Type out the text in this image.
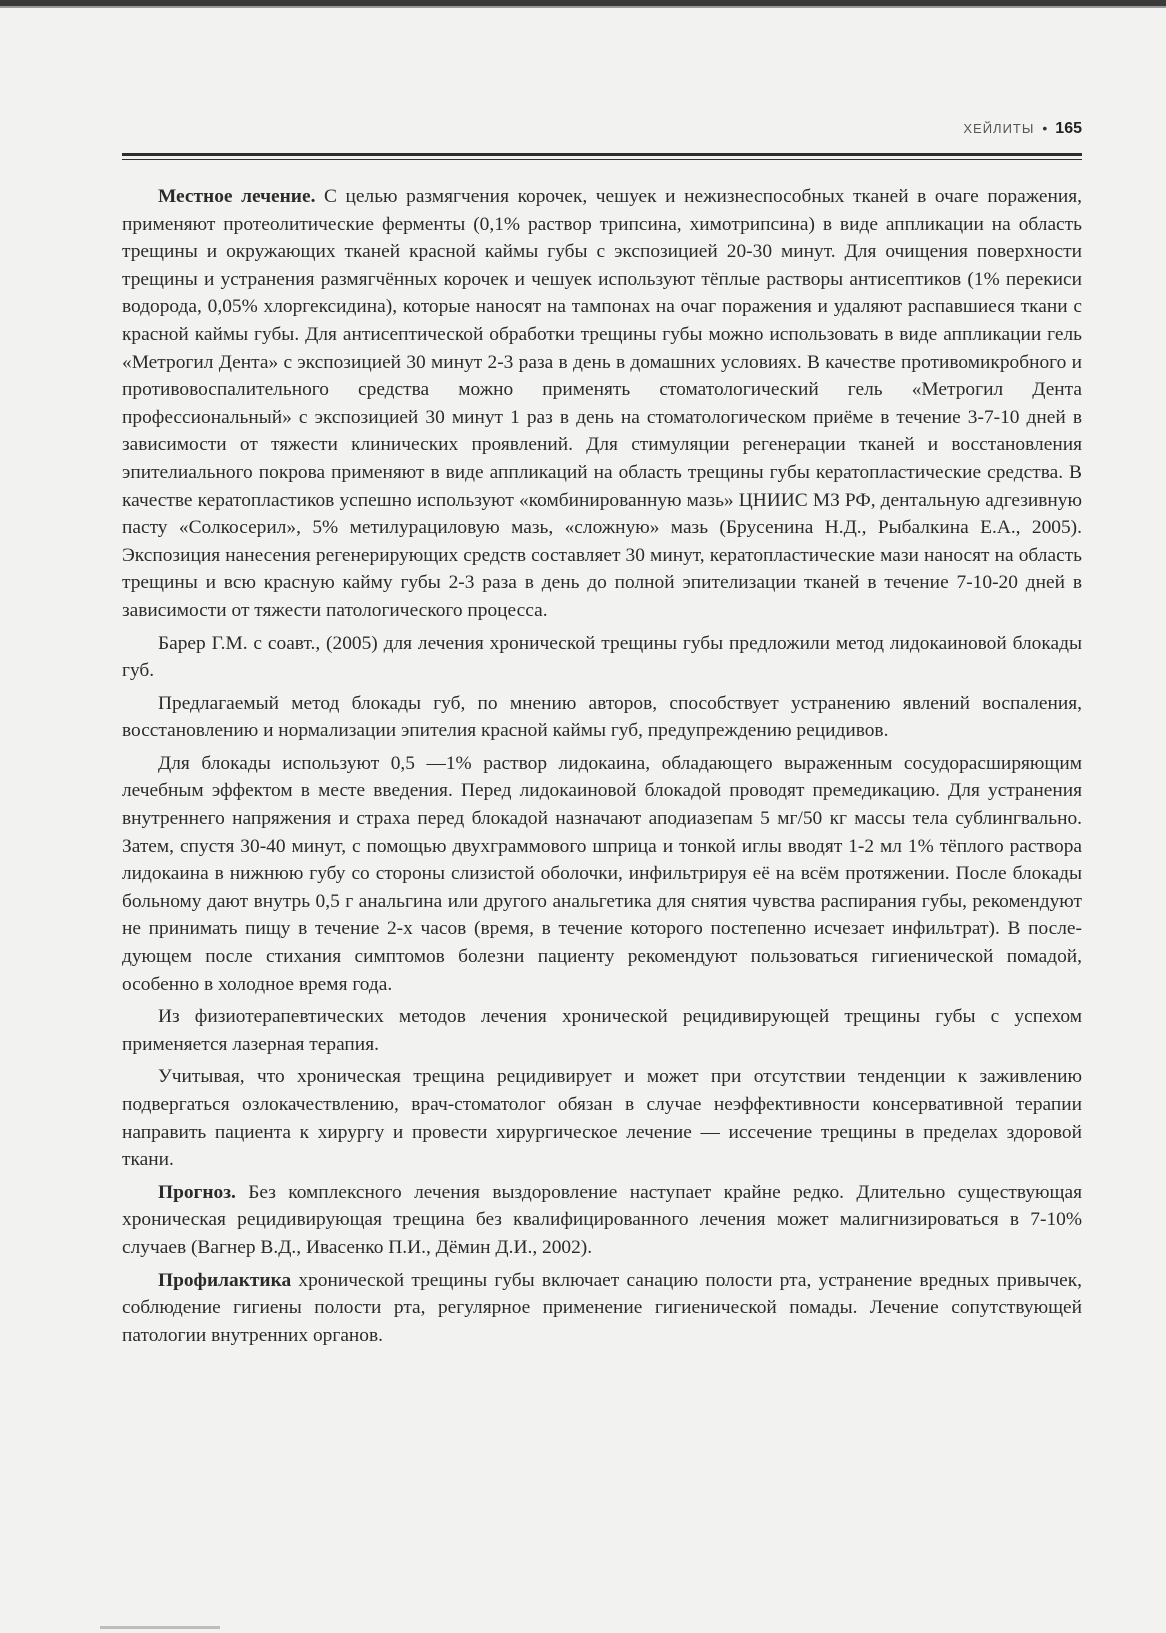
ХЕЙЛИТЫ • 165

Местное лечение. С целью размягчения корочек, чешуек и нежизнеспособных тканей в очаге поражения, применяют протеолитические ферменты (0,1% раствор трипсина, химотрипсина) в виде аппликации на область трещины и окружающих тканей красной каймы губы с экспозицией 20-30 минут. Для очищения поверхности трещины и устранения размягчённых корочек и чешуек используют тёплые растворы антисептиков (1% перекиси водорода, 0,05% хлоргексидина), которые наносят на тампонах на очаг поражения и удаляют распавшиеся ткани с красной каймы губы. Для антисептической обработки трещины губы можно использовать в виде аппликации гель «Метрогил Дента» с экспозицией 30 минут 2-3 раза в день в домашних условиях. В качестве противомикробного и противовоспалительного средства можно применять стоматологический гель «Метрогил Дента профессиональный» с экспозицией 30 минут 1 раз в день на стоматологическом приёме в течение 3-7-10 дней в зависимости от тяжести клинических проявлений. Для стимуляции регенерации тканей и восстановления эпителиального покрова применяют в виде аппликаций на область трещины губы кератопластические средства. В качестве кератопластиков успешно используют «комбинированную мазь» ЦНИИС МЗ РФ, дентальную адгезивную пасту «Солкосерил», 5% метилурациловую мазь, «сложную» мазь (Брусенина Н.Д., Рыбалкина Е.А., 2005). Экспозиция нанесения регенерирующих средств составляет 30 минут, кератопластические мази наносят на область трещины и всю красную кайму губы 2-3 раза в день до полной эпителизации тканей в течение 7-10-20 дней в зависимости от тяжести патологического процесса.

Барер Г.М. с соавт., (2005) для лечения хронической трещины губы предложили метод лидокаиновой блокады губ.

Предлагаемый метод блокады губ, по мнению авторов, способствует устранению явлений воспаления, восстановлению и нормализации эпителия красной каймы губ, предупреждению рецидивов.

Для блокады используют 0,5 —1% раствор лидокаина, обладающего выраженным сосудорасширяющим лечебным эффектом в месте введения. Перед лидокаиновой блокадой проводят премедикацию. Для устранения внутреннего напряжения и страха перед блокадой назначают аподиазепам 5 мг/50 кг массы тела сублингвально. Затем, спустя 30-40 минут, с помощью двухграммового шприца и тонкой иглы вводят 1-2 мл 1% тёплого раствора лидокаина в нижнюю губу со стороны слизистой оболочки, инфильтрируя её на всём протяжении. После блокады больному дают внутрь 0,5 г анальгина или другого анальгетика для снятия чувства распирания губы, рекомендуют не принимать пищу в течение 2-х часов (время, в течение которого постепенно исчезает инфильтрат). В последующем после стихания симптомов болезни пациенту рекомендуют пользоваться гигиенической помадой, особенно в холодное время года.

Из физиотерапевтических методов лечения хронической рецидивирующей трещины губы с успехом применяется лазерная терапия.

Учитывая, что хроническая трещина рецидивирует и может при отсутствии тенденции к заживлению подвергаться озлокачествлению, врач-стоматолог обязан в случае неэффективности консервативной терапии направить пациента к хирургу и провести хирургическое лечение — иссечение трещины в пределах здоровой ткани.

Прогноз. Без комплексного лечения выздоровление наступает крайне редко. Длительно существующая хроническая рецидивирующая трещина без квалифицированного лечения может малигнизироваться в 7-10% случаев (Вагнер В.Д., Ивасенко П.И., Дёмин Д.И., 2002).

Профилактика хронической трещины губы включает санацию полости рта, устранение вредных привычек, соблюдение гигиены полости рта, регулярное применение гигиенической помады. Лечение сопутствующей патологии внутренних органов.
